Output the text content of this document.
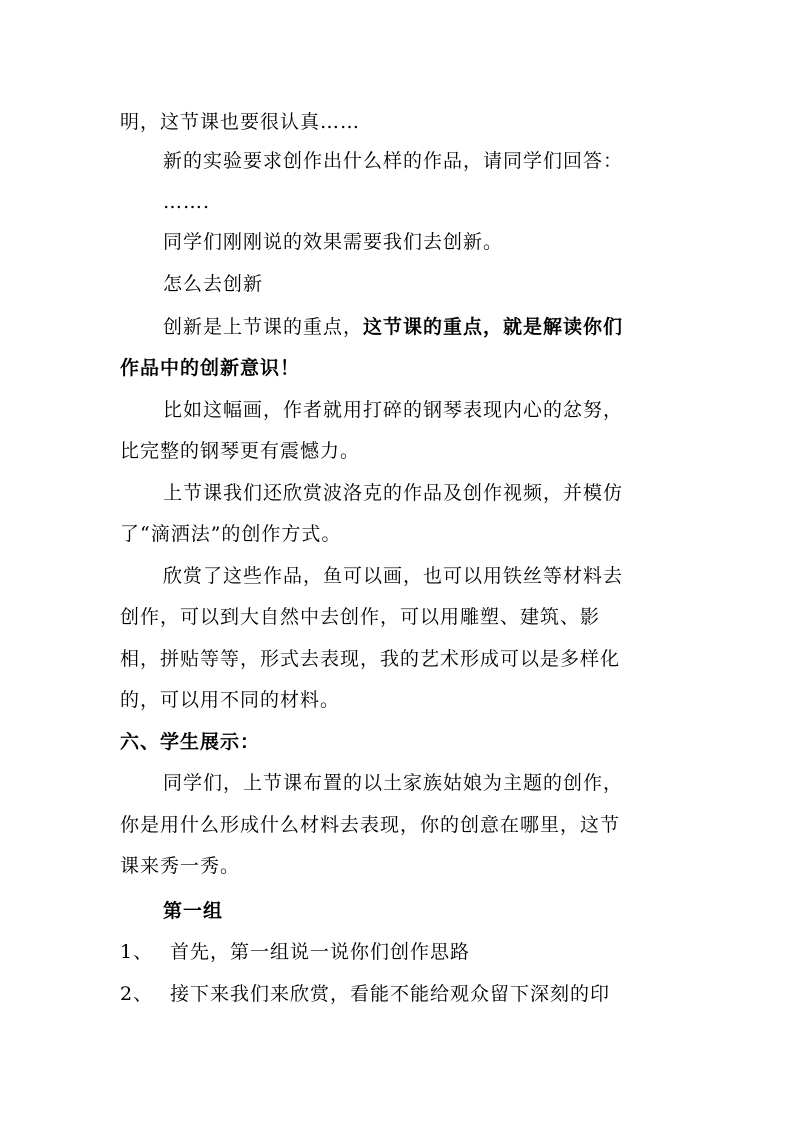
明，这节课也要很认真……
新的实验要求创作出什么样的作品，请同学们回答：
…….
同学们刚刚说的效果需要我们去创新。
怎么去创新
创新是上节课的重点，这节课的重点，就是解读你们
作品中的创新意识！
比如这幅画，作者就用打碎的钢琴表现内心的忿努，
比完整的钢琴更有震憾力。
上节课我们还欣赏波洛克的作品及创作视频，并模仿
了“滴洒法”的创作方式。
欣赏了这些作品，鱼可以画，也可以用铁丝等材料去
创作，可以到大自然中去创作，可以用雕塑、建筑、影
相，拼贴等等，形式去表现，我的艺术形成可以是多样化
的，可以用不同的材料。
六、学生展示：
同学们，上节课布置的以土家族姑娘为主题的创作，
你是用什么形成什么材料去表现，你的创意在哪里，这节
课来秀一秀。
第一组
1、 首先，第一组说一说你们创作思路
2、 接下来我们来欣赏，看能不能给观众留下深刻的印
